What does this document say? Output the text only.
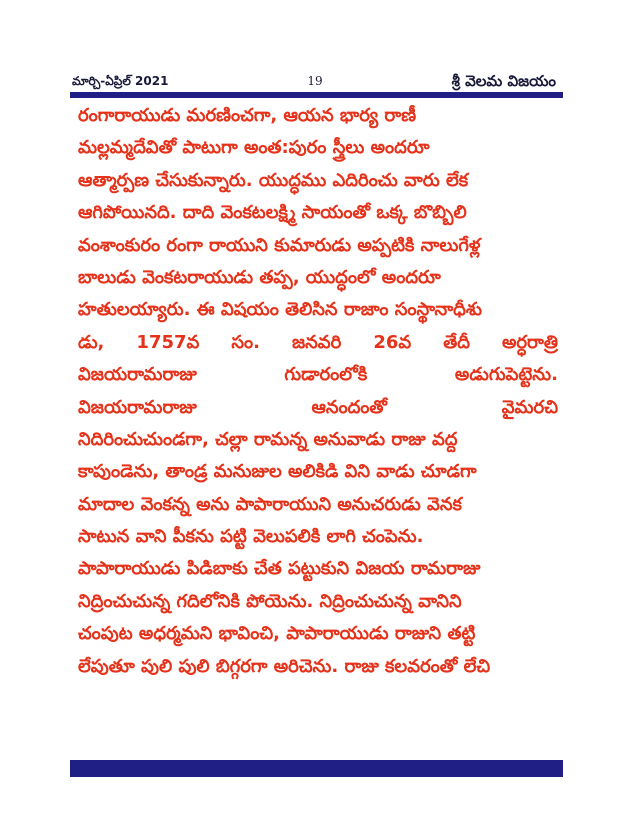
మార్చి-ఏప్రిల్ 2021	19	శ్రీ వెలమ విజయం
రంగారాయుడు మరణించగా, ఆయన భార్య రాణీ
మల్లమ్మదేవితో పాటుగా అంత:పురం స్త్రీలు అందరూ
ఆత్మార్పణ చేసుకున్నారు. యుద్ధము ఎదిరించు వారు లేక
ఆగిపోయినది. దాది వెంకటలక్ష్మి సాయంతో ఒక్క బొబ్బిలి
వంశాంకురం రంగా రాయుని కుమారుడు అప్పటికి నాలుగేళ్ల
బాలుడు వెంకటరాయుడు తప్ప, యుద్ధంలో అందరూ
హతులయ్యారు. ఈ విషయం తెలిసిన రాజాం సంస్థానాధీశు
డు, 1757వ సం. జనవరి 26వ తేదీ అర్ధరాత్రి
విజయరామరాజు	గుడారంలోకి	అడుగుపెట్టెను.
విజయరామరాజు	ఆనందంతో	వైమరచి
నిదిరించుచుండగా, చల్లా రామన్న అనువాడు రాజు వద్ద
కాపుండెను, తాండ్ర మనుజుల అలికిడి విని వాడు చూడగా
మాదాల వెంకన్న అను పాపారాయుని అనుచరుడు వెనక
సాటున వాని పీకను పట్టి వెలుపలికి లాగి చంపెను.
పాపారాయుడు పిడిబాకు చేత పట్టుకుని విజయ రామరాజు
నిద్రించుచున్న గదిలోనికి పోయెను. నిద్రించుచున్న వానిని
చంపుట అధర్మమని భావించి, పాపారాయుడు రాజుని తట్టి
లేపుతూ పులి పులి బిగ్గరగా అరిచెను. రాజు కలవరంతో లేచి
